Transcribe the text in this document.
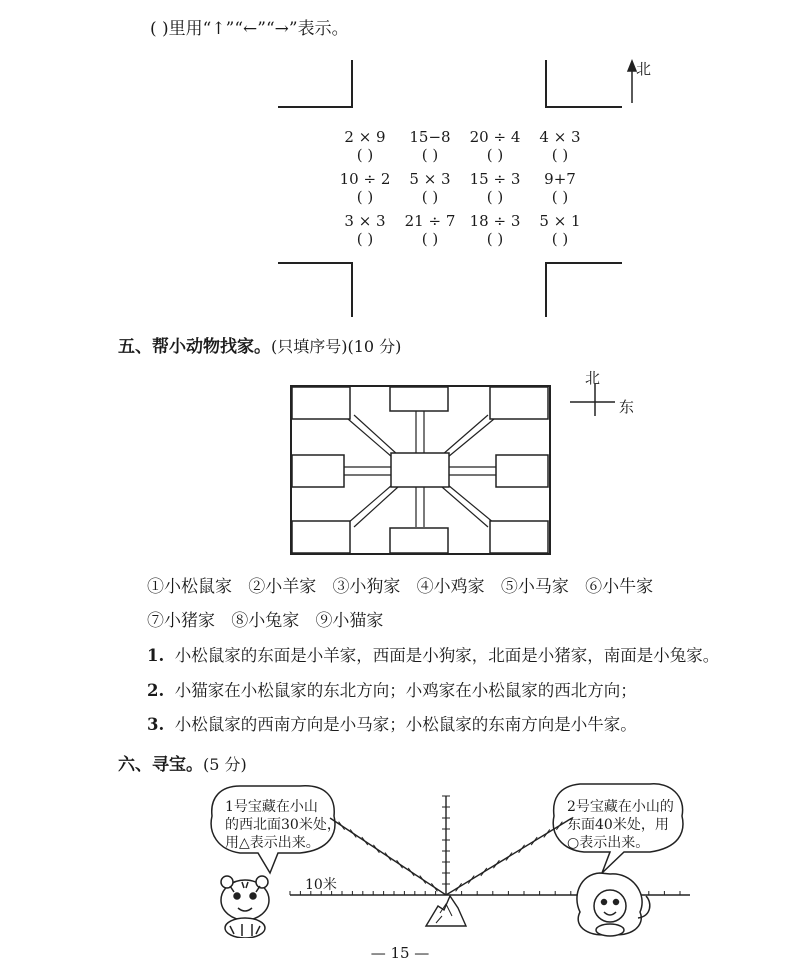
( )里用“↑”“←”“→”表示。
北
2 × 9
( )
15−8
( )
20 ÷ 4
( )
4 × 3
( )
10 ÷ 2
( )
5 × 3
( )
15 ÷ 3
( )
9+7
( )
3 × 3
( )
21 ÷ 7
( )
18 ÷ 3
( )
5 × 1
( )
五、帮小动物找家。(只填序号)(10 分)
北
东
①小松鼠家 ②小羊家 ③小狗家 ④小鸡家 ⑤小马家 ⑥小牛家
⑦小猪家 ⑧小兔家 ⑨小猫家
1. 小松鼠家的东面是小羊家，西面是小狗家，北面是小猪家，南面是小兔家。
2. 小猫家在小松鼠家的东北方向；小鸡家在小松鼠家的西北方向；
3. 小松鼠家的西南方向是小马家；小松鼠家的东南方向是小牛家。
六、寻宝。(5 分)
1号宝藏在小山
的西北面30米处，
用△表示出来。
2号宝藏在小山的
东面40米处，用
○表示出来。
10米
— 15 —
